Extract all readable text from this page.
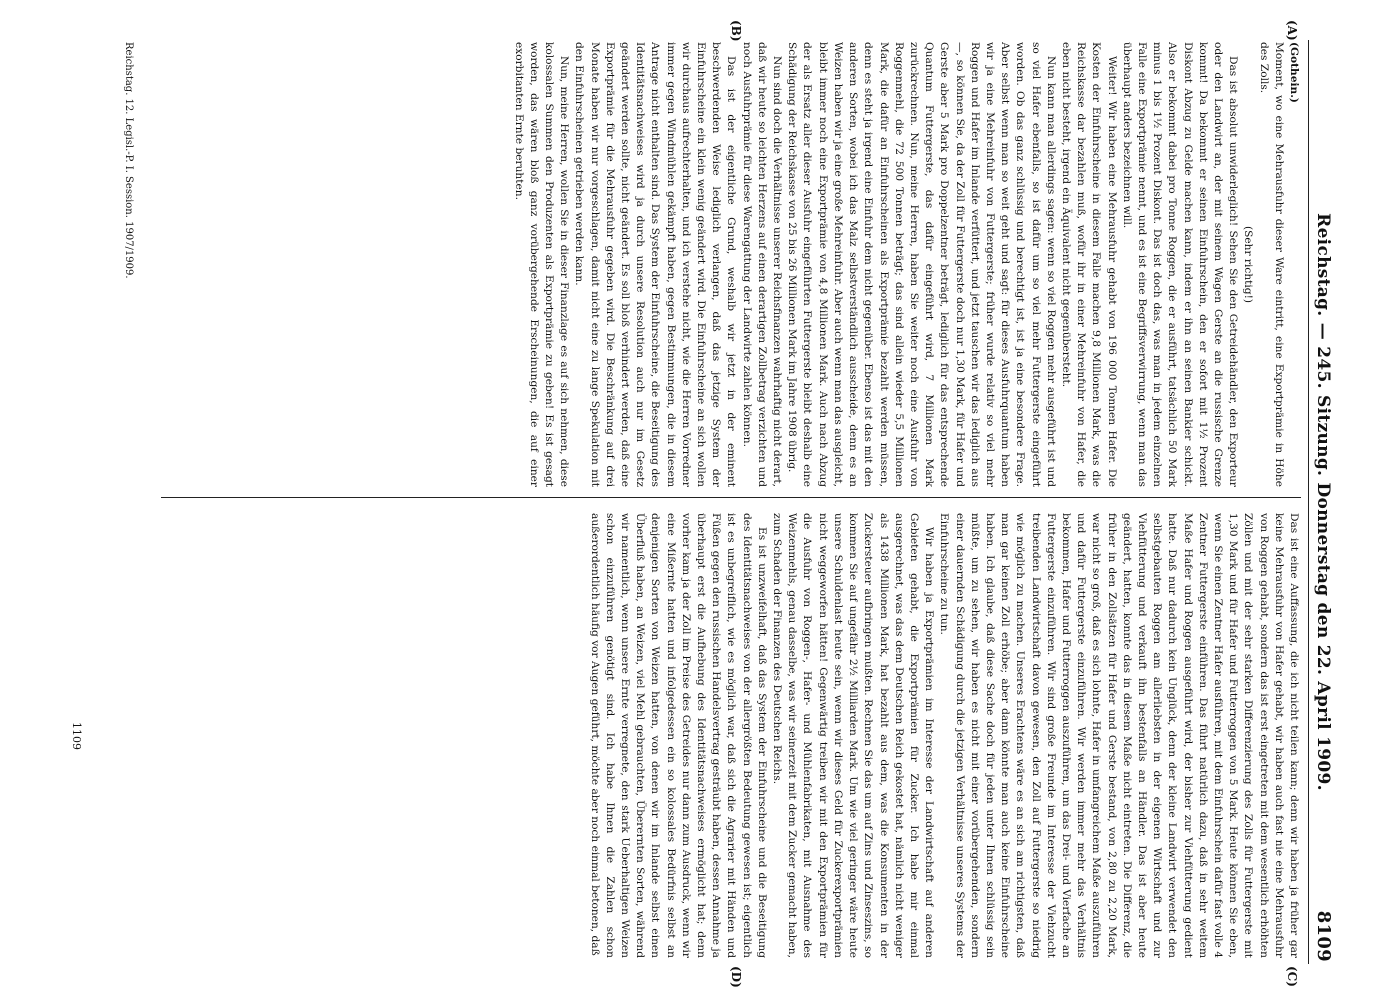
Reichstag. — 245. Sitzung. Donnerstag den 22. April 1909.
8109
(A)
(B)
(C)
(D)

(Gothein.)

Moment, wo eine Mehrausfuhr dieser Ware eintritt, eine Exportprämie in Höhe des Zolls.

(Sehr richtig!)

Das ist absolut unwiderleglich! Sehen Sie den Getreidehändler, den Exporteur oder den Landwirt an, der mit seinem Wagen Gerste an die russische Grenze kommt! Da bekommt er seinen Einfuhrschein, den er sofort mit 1½ Prozent Diskont Abzug zu Gelde machen kann, indem er ihn an seinen Bankier schickt. Also er bekommt dabei pro Tonne Roggen, die er ausführt, tatsächlich 50 Mark minus 1 bis 1½ Prozent Diskont. Das ist doch das, was man in jedem einzelnen Falle eine Exportprämie nennt, und es ist eine Begriffsverwirrung, wenn man das überhaupt anders bezeichnen will.

Weiter! Wir haben eine Mehrausfuhr gehabt von 196 000 Tonnen Hafer. Die Kosten der Einfuhrscheine in diesem Falle machen 9,8 Millionen Mark, was die Reichskasse dar bezahlen muß, wofür ihr in einer Mehreinfuhr von Hafer, die eben nicht besteht, irgend ein Äquivalent nicht gegenübersteht.

Nun kann man allerdings sagen: wenn so viel Roggen mehr ausgeführt ist und so viel Hafer ebenfalls, so ist dafür um so viel mehr Futtergerste eingeführt worden. Ob das ganz schlüssig und berechtigt ist, ist ja eine besondere Frage. Aber selbst wenn man so weit geht und sagt: für dieses Ausfuhrquantum haben wir ja eine Mehreinfuhr von Futtergerste; früher wurde relativ so viel mehr Roggen und Hafer im Inlande verfüttert, und jetzt tauschen wir das lediglich aus —, so können Sie, da der Zoll für Futtergerste doch nur 1,30 Mark, für Hafer und Gerste aber 5 Mark pro Doppelzentner beträgt, lediglich für das entsprechende Quantum Futtergerste, das dafür eingeführt wird, 7 Millionen Mark zurückrechnen. Nun, meine Herren, haben Sie weiter noch eine Ausfuhr von Roggenmehl, die 72 500 Tonnen beträgt; das sind allein wieder 5,5 Millionen Mark, die dafür an Einfuhrscheinen als Exportprämie bezahlt werden müssen, denn es steht ja irgend eine Einfuhr dem nicht gegenüber. Ebenso ist das mit den anderen Sorten, wobei ich das Malz selbstverständlich ausscheide, denn es an Weizen haben wir ja eine große Mehreinfuhr. Aber auch wenn man das ausgleicht, bleibt immer noch eine Exportprämie von 4,8 Millionen Mark. Auch nach Abzug der als Ersatz aller dieser Ausfuhr eingeführten Futtergerste bleibt deshalb eine Schädigung der Reichskasse von 25 bis 26 Millionen Mark im Jahre 1908 übrig.

Nun sind doch die Verhältnisse unserer Reichsfinanzen wahrhaftig nicht derart, daß wir heute so leichten Herzens auf einen derartigen Zollbetrag verzichten und noch Ausfuhrprämie für diese Warengattung der Landwirte zahlen können.

Das ist der eigentliche Grund, weshalb wir jetzt in der eminent beschwerdenden Weise lediglich verlangen, daß das jetzige System der Einfuhrscheine ein klein wenig geändert wird. Die Einfuhrscheine an sich wollen wir durchaus aufrechterhalten, und ich verstehe nicht, wie die Herren Vorredner immer gegen Windmühlen gekämpft haben, gegen Bestimmungen, die in diesem Antrage nicht enthalten sind. Das System der Einfuhrscheine, die Beseitigung des Identitätsnachweises wird ja durch unsere Resolution auch nur im Gesetz geändert werden sollte, nicht geändert. Es soll bloß verhindert werden, daß eine Exportprämie für die Mehrausfuhr gegeben wird. Die Beschränkung auf drei Monate haben wir nur vorgeschlagen, damit nicht eine zu lange Spekulation mit den Einfuhrscheinen getrieben werden kann.

Nun, meine Herren, wollen Sie in dieser Finanzlage es auf sich nehmen, diese kolossalen Summen den Produzenten als Exportprämie zu geben! Es ist gesagt worden, das wären bloß ganz vorübergehende Erscheinungen, die auf einer exorbitanten Ernte beruhten.

Reichstag. 12. Legisl.-P. I. Session. 1907/1909.

Das ist eine Auffassung, die ich nicht teilen kann; denn wir haben ja früher gar keine Mehrausfuhr von Hafer gehabt, wir haben auch fast nie eine Mehrausfuhr von Roggen gehabt, sondern das ist erst eingetreten mit dem wesentlich erhöhten Zöllen und mit der sehr starken Differenzierung des Zolls für Futtergerste mit 1,30 Mark und für Hafer und Futterroggen von 5 Mark. Heute können Sie eben, wenn Sie einen Zentner Hafer ausführen, mit dem Einfuhrschein dafür fast volle 4 Zentner Futtergerste einführen. Das führt natürlich dazu, daß in sehr weitem Maße Hafer und Roggen ausgeführt wird, der bisher zur Viehfütterung gedient hatte. Daß nur dadurch kein Unglück, denn der kleine Landwirt verwendet den selbstgebauten Roggen am allerliebsten in der eigenen Wirtschaft und zur Viehfütterung und verkauft ihn bestenfalls an Händler. Das ist aber heute geändert, hatten, konnte das in diesem Maße nicht eintreten. Die Differenz, die früher in den Zollsätzen für Hafer und Gerste bestand, von 2,80 zu 2,20 Mark, war nicht so groß, daß es sich lohnte, Hafer in umfangreichem Maße auszuführen und dafür Futtergerste einzuführen. Wir werden immer mehr das Verhältnis bekommen, Hafer und Futterroggen auszuführen, um das Drei- und Vierfache an Futtergerste einzuführen. Wir sind große Freunde im Interesse der Viehzucht treibenden Landwirtschaft davon gewesen, den Zoll auf Futtergerste so niedrig wie möglich zu machen. Unseres Erachtens wäre es an sich am richtigsten, daß man gar keinen Zoll erhöbe; aber dann könnte man auch keine Einfuhrscheine haben. Ich glaube, daß diese Sache doch für jeden unter Ihnen schlüssig sein müßte, um zu sehen, wir haben es nicht mit einer vorübergehenden, sondern einer dauernden Schädigung durch die jetzigen Verhältnisse unseres Systems der Einfuhrscheine zu tun.

Wir haben ja Exportprämien im Interesse der Landwirtschaft auf anderen Gebieten gehabt, die Exportprämien für Zucker. Ich habe mir einmal ausgerechnet, was das dem Deutschen Reich gekostet hat, nämlich nicht weniger als 1438 Millionen Mark, hat bezahlt aus dem, was die Konsumenten in der Zuckersteuer aufbringen mußten. Rechnen Sie das um auf Zins und Zinseszins, so kommen Sie auf ungefähr 2½ Milliarden Mark. Um wie viel geringer wäre heute unsere Schuldenlast heute sein, wenn wir dieses Geld für Zuckerexportprämien nicht weggeworfen hätten! Gegenwärtig treiben wir mit den Exportprämien für die Ausfuhr von Roggen-, Hafer- und Mühlenfabrikaten, mit Ausnahme des Weizenmehls, genau dasselbe, was wir seinerzeit mit dem Zucker gemacht haben, zum Schaden der Finanzen des Deutschen Reichs.

Es ist unzweifelhaft, daß das System der Einfuhrscheine und die Beseitigung des Identitätsnachweises von der allergrößten Bedeutung gewesen ist; eigentlich ist es unbegreiflich, wie es möglich war, daß sich die Agrarier mit Händen und Füßen gegen den russischen Handelsvertrag gesträubt haben, dessen Annahme ja überhaupt erst die Aufhebung des Identitätsnachweises ermöglicht hat; denn vorher kam ja der Zoll im Preise des Getreides nur dann zum Ausdruck, wenn wir eine Mißernte hatten und infolgedessen ein so kolossales Bedürfnis selbst an denjenigen Sorten von Weizen hatten, von denen wir im Inlande selbst einen Überfluß haben, an Weizen, viel Mehl gebrauchten, Überernten Sorten, während wir namentlich, wenn unsere Ernte verregnete, den stark Ueberhaltigen Weizen schon einzuführen genötigt sind. Ich habe Ihnen die Zahlen schon außerordentlich häufig vor Augen geführt, möchte aber noch einmal betonen, daß

1109
